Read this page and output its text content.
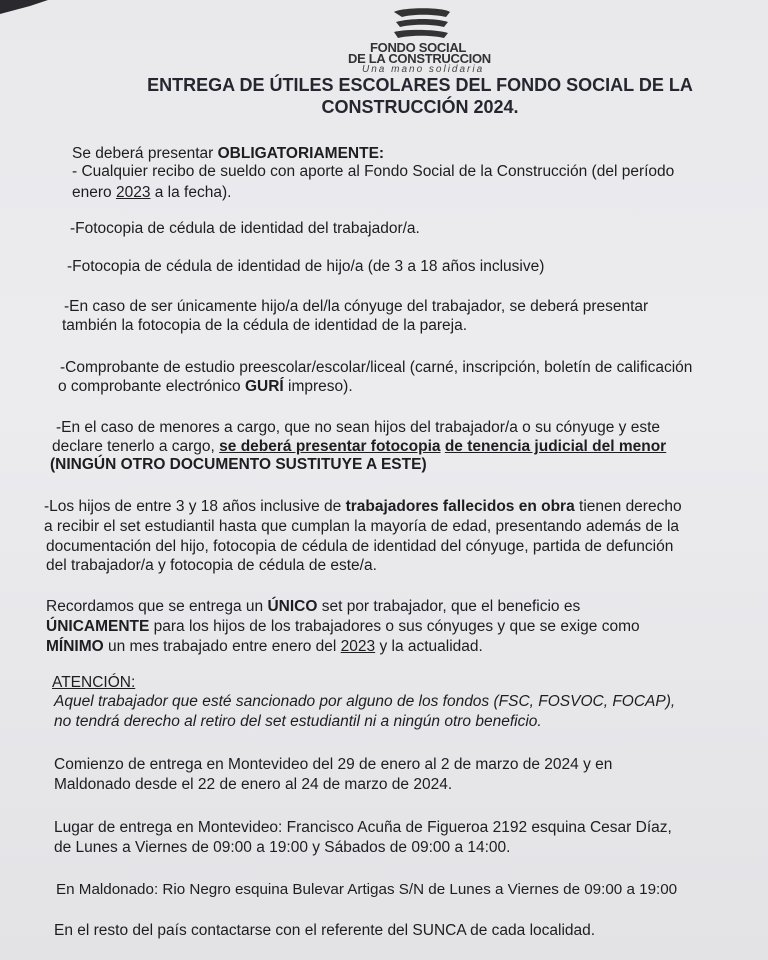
FONDO SOCIAL
DE LA CONSTRUCCION
Una mano solidaria
ENTREGA DE ÚTILES ESCOLARES DEL FONDO SOCIAL DE LA
CONSTRUCCIÓN 2024.
Se deberá presentar OBLIGATORIAMENTE:
- Cualquier recibo de sueldo con aporte al Fondo Social de la Construcción (del período
enero 2023 a la fecha).
-Fotocopia de cédula de identidad del trabajador/a.
-Fotocopia de cédula de identidad de hijo/a (de 3 a 18 años inclusive)
-En caso de ser únicamente hijo/a del/la cónyuge del trabajador, se deberá presentar
también la fotocopia de la cédula de identidad de la pareja.
-Comprobante de estudio preescolar/escolar/liceal (carné, inscripción, boletín de calificación
o comprobante electrónico GURÍ impreso).
-En el caso de menores a cargo, que no sean hijos del trabajador/a o su cónyuge y este
declare tenerlo a cargo, se deberá presentar fotocopia de tenencia judicial del menor
(NINGÚN OTRO DOCUMENTO SUSTITUYE A ESTE)
-Los hijos de entre 3 y 18 años inclusive de trabajadores fallecidos en obra tienen derecho
a recibir el set estudiantil hasta que cumplan la mayoría de edad, presentando además de la
documentación del hijo, fotocopia de cédula de identidad del cónyuge, partida de defunción
del trabajador/a y fotocopia de cédula de este/a.
Recordamos que se entrega un ÚNICO set por trabajador, que el beneficio es
ÚNICAMENTE para los hijos de los trabajadores o sus cónyuges y que se exige como
MÍNIMO un mes trabajado entre enero del 2023 y la actualidad.
ATENCIÓN:
Aquel trabajador que esté sancionado por alguno de los fondos (FSC, FOSVOC, FOCAP),
no tendrá derecho al retiro del set estudiantil ni a ningún otro beneficio.
Comienzo de entrega en Montevideo del 29 de enero al 2 de marzo de 2024 y en
Maldonado desde el 22 de enero al 24 de marzo de 2024.
Lugar de entrega en Montevideo: Francisco Acuña de Figueroa 2192 esquina Cesar Díaz,
de Lunes a Viernes de 09:00 a 19:00 y Sábados de 09:00 a 14:00.
En Maldonado: Rio Negro esquina Bulevar Artigas S/N de Lunes a Viernes de 09:00 a 19:00
En el resto del país contactarse con el referente del SUNCA de cada localidad.
